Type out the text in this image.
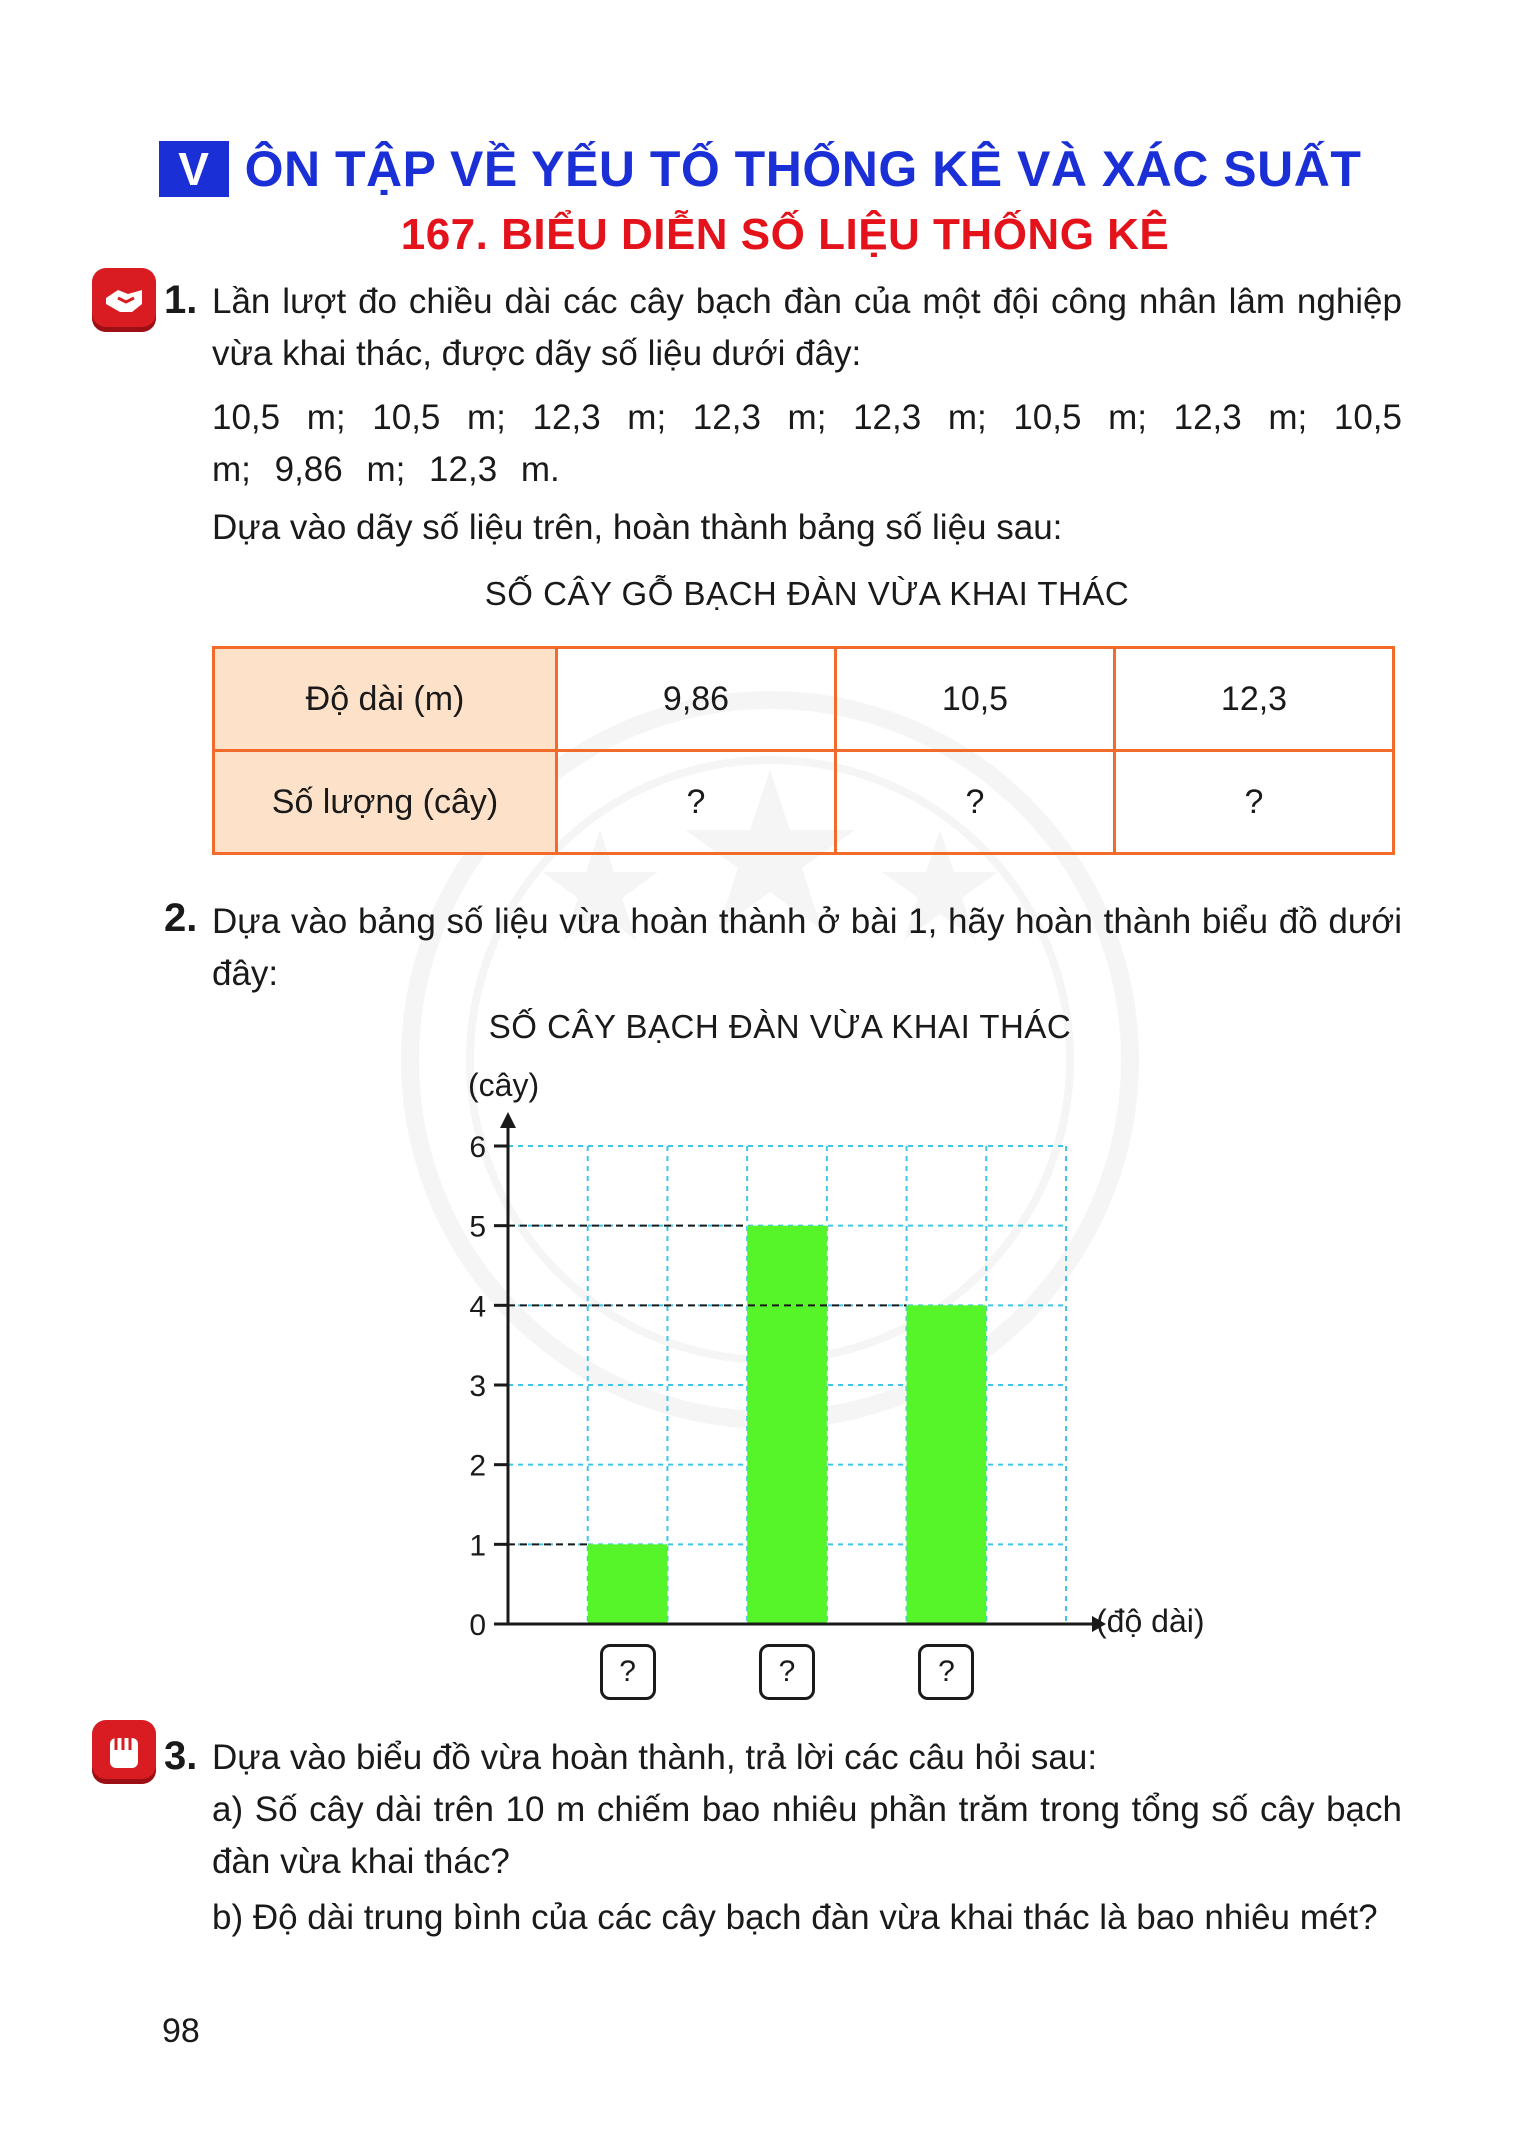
V ÔN TẬP VỀ YẾU TỐ THỐNG KÊ VÀ XÁC SUẤT
167. BIỂU DIỄN SỐ LIỆU THỐNG KÊ
1. Lần lượt đo chiều dài các cây bạch đàn của một đội công nhân lâm nghiệp vừa khai thác, được dãy số liệu dưới đây:
10,5 m; 10,5 m; 12,3 m; 12,3 m; 12,3 m; 10,5 m; 12,3 m; 10,5 m; 9,86 m; 12,3 m.
Dựa vào dãy số liệu trên, hoàn thành bảng số liệu sau:
SỐ CÂY GỖ BẠCH ĐÀN VỪA KHAI THÁC
Độ dài (m)	9,86	10,5	12,3
Số lượng (cây)	?	?	?
2. Dựa vào bảng số liệu vừa hoàn thành ở bài 1, hãy hoàn thành biểu đồ dưới đây:
SỐ CÂY BẠCH ĐÀN VỪA KHAI THÁC
0
1
2
3
4
5
6
(cây)
(độ dài)
3. Dựa vào biểu đồ vừa hoàn thành, trả lời các câu hỏi sau:
a) Số cây dài trên 10 m chiếm bao nhiêu phần trăm trong tổng số cây bạch đàn vừa khai thác?
b) Độ dài trung bình của các cây bạch đàn vừa khai thác là bao nhiêu mét?
98
?	?	?
